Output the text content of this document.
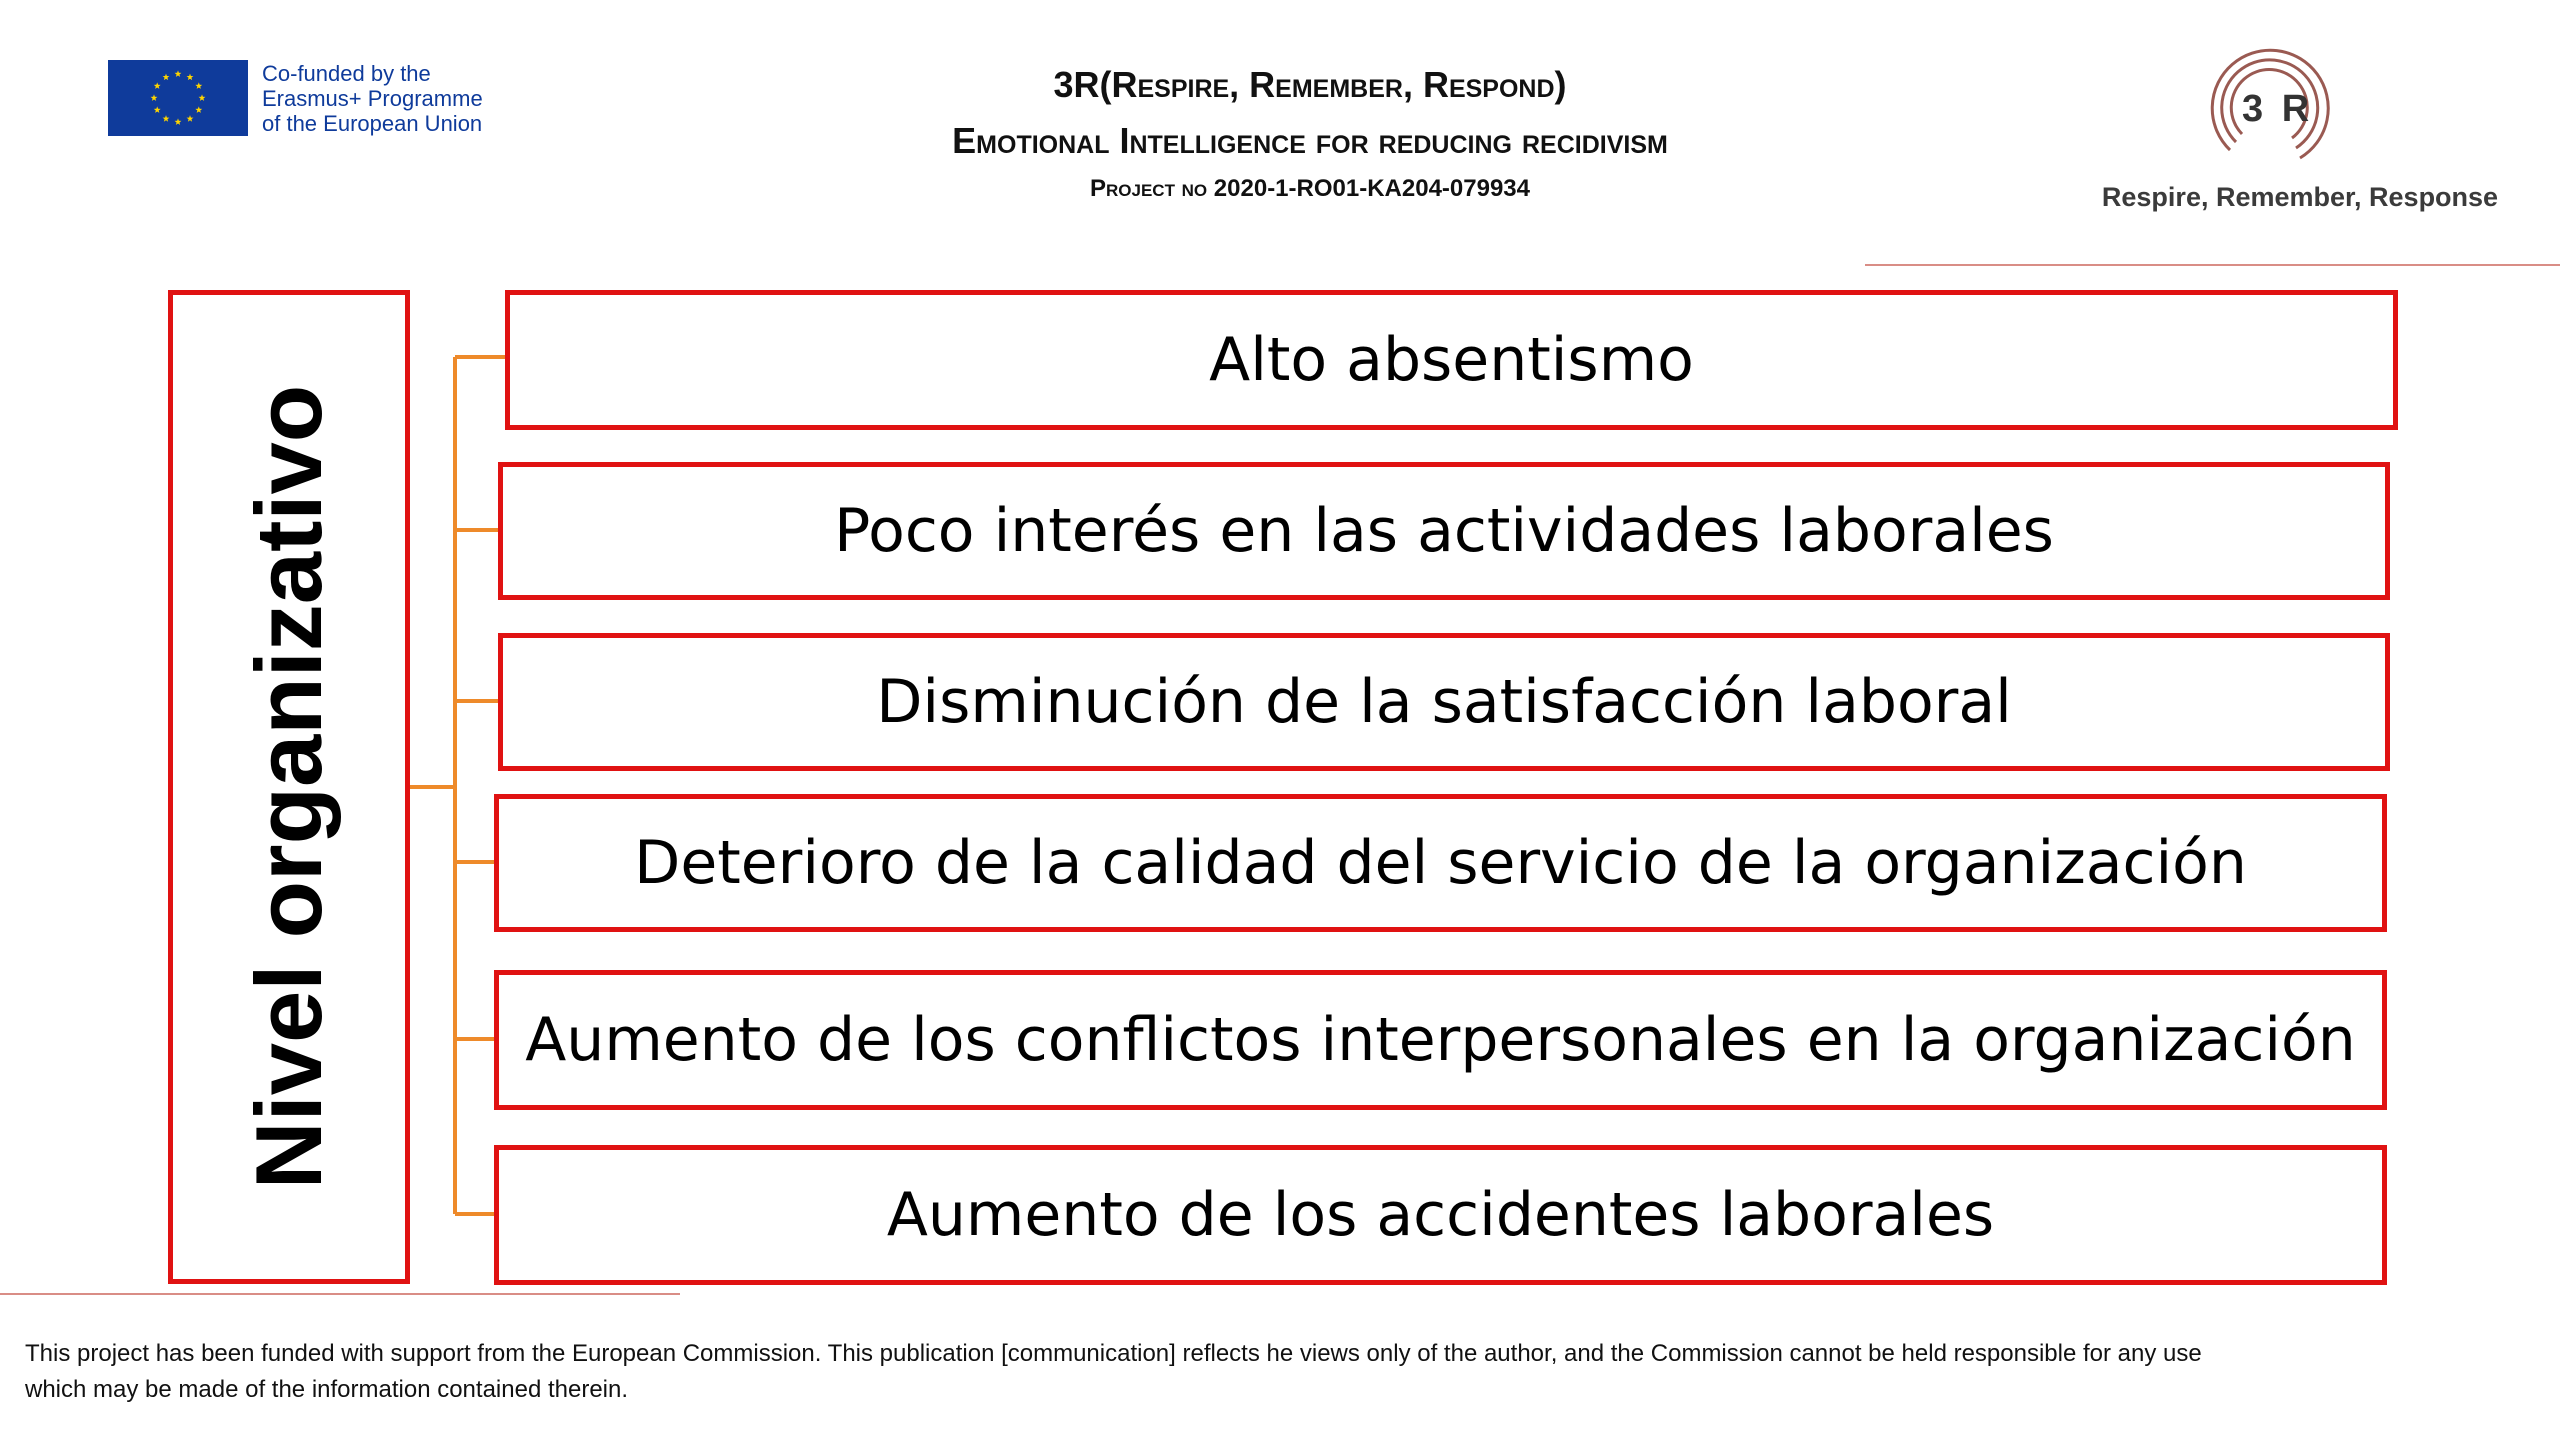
Co-funded by the
Erasmus+ Programme
of the European Union
3R(Respire, Remember, Respond)
Emotional Intelligence for reducing recidivism
Project no 2020-1-RO01-KA204-079934
3 R
Respire, Remember, Response
Nivel organizativo
Alto absentismo
Poco interés en las actividades laborales
Disminución de la satisfacción laboral
Deterioro de la calidad del servicio de la organización
Aumento de los conflictos interpersonales en la organización
Aumento de los accidentes laborales
This project has been funded with support from the European Commission. This publication [communication] reflects he views only of the author, and the Commission cannot be held responsible for any use
which may be made of the information contained therein.
